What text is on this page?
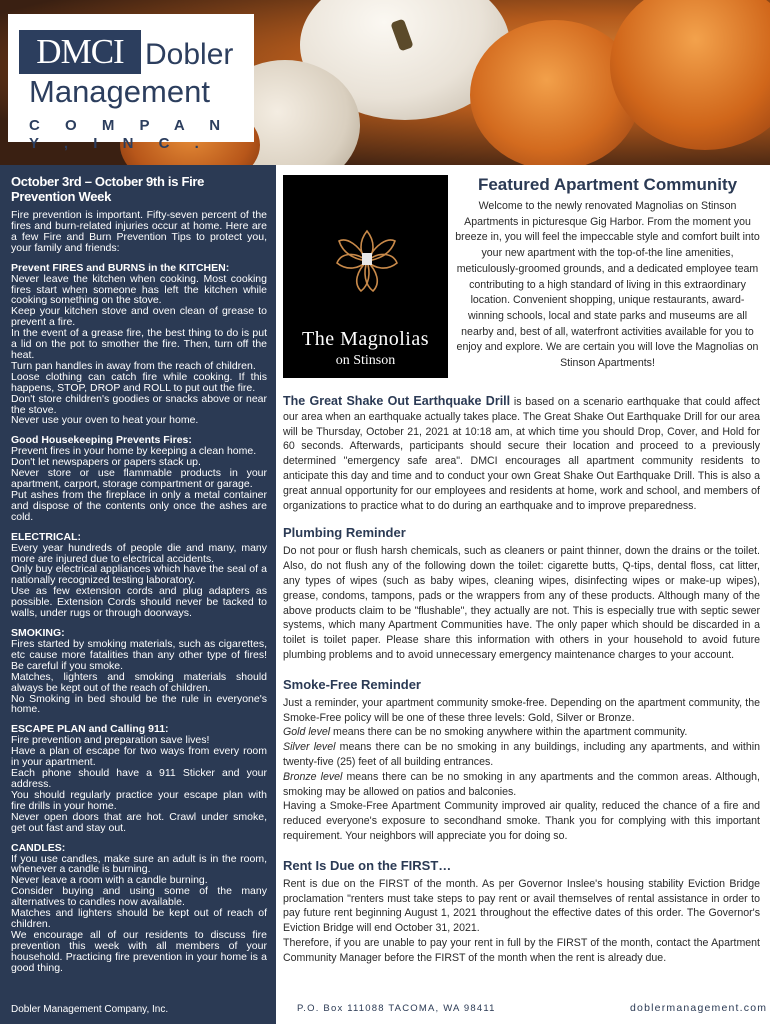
DMCI Dobler
Management
C O M P A N Y , I N C .
October 3rd – October 9th is Fire Prevention Week

Fire prevention is important. Fifty-seven percent of the fires and burn-related injuries occur at home. Here are a few Fire and Burn Prevention Tips to protect you, your family and friends:

Prevent FIRES and BURNS in the KITCHEN:

Never leave the kitchen when cooking. Most cooking fires start when someone has left the kitchen while cooking something on the stove.

Keep your kitchen stove and oven clean of grease to prevent a fire.

In the event of a grease fire, the best thing to do is put a lid on the pot to smother the fire. Then, turn off the heat.

Turn pan handles in away from the reach of children.

Loose clothing can catch fire while cooking. If this happens, STOP, DROP and ROLL to put out the fire.

Don't store children's goodies or snacks above or near the stove.

Never use your oven to heat your home.

Good Housekeeping Prevents Fires:

Prevent fires in your home by keeping a clean home.

Don't let newspapers or papers stack up.

Never store or use flammable products in your apartment, carport, storage compartment or garage.

Put ashes from the fireplace in only a metal container and dispose of the contents only once the ashes are cold.

ELECTRICAL:

Every year hundreds of people die and many, many more are injured due to electrical accidents.

Only buy electrical appliances which have the seal of a nationally recognized testing laboratory.

Use as few extension cords and plug adapters as possible. Extension Cords should never be tacked to walls, under rugs or through doorways.

SMOKING:

Fires started by smoking materials, such as cigarettes, etc cause more fatalities than any other type of fires! Be careful if you smoke.

Matches, lighters and smoking materials should always be kept out of the reach of children.

No Smoking in bed should be the rule in everyone's home.

ESCAPE PLAN and Calling 911:

Fire prevention and preparation save lives!

Have a plan of escape for two ways from every room in your apartment.

Each phone should have a 911 Sticker and your address.

You should regularly practice your escape plan with fire drills in your home.

Never open doors that are hot. Crawl under smoke, get out fast and stay out.

CANDLES:

If you use candles, make sure an adult is in the room, whenever a candle is burning.

Never leave a room with a candle burning.

Consider buying and using some of the many alternatives to candles now available.

Matches and lighters should be kept out of reach of children.

We encourage all of our residents to discuss fire prevention this week with all members of your household. Practicing fire prevention in your home is a good thing.

Dobler Management Company, Inc.
The Magnolias
on Stinson
Featured Apartment Community

Welcome to the newly renovated Magnolias on Stinson Apartments in picturesque Gig Harbor. From the moment you breeze in, you will feel the impeccable style and comfort built into your new apartment with the top-of-the line amenities, meticulously-groomed grounds, and a dedicated employee team contributing to a high standard of living in this extraordinary location. Convenient shopping, unique restaurants, award-winning schools, local and state parks and museums are all nearby and, best of all, waterfront activities available for you to enjoy and explore. We are certain you will love the Magnolias on Stinson Apartments!

The Great Shake Out Earthquake Drill is based on a scenario earthquake that could affect our area when an earthquake actually takes place. The Great Shake Out Earthquake Drill for our area will be Thursday, October 21, 2021 at 10:18 am, at which time you should Drop, Cover, and Hold for 60 seconds. Afterwards, participants should secure their location and proceed to a previously determined "emergency safe area". DMCI encourages all apartment community residents to anticipate this day and time and to conduct your own Great Shake Out Earthquake Drill. This is also a great annual opportunity for our employees and residents at home, work and school, and members of organizations to practice what to do during an earthquake and to improve preparedness.
Plumbing Reminder
Do not pour or flush harsh chemicals, such as cleaners or paint thinner, down the drains or the toilet. Also, do not flush any of the following down the toilet: cigarette butts, Q-tips, dental floss, cat litter, any types of wipes (such as baby wipes, cleaning wipes, disinfecting wipes or make-up wipes), grease, condoms, tampons, pads or the wrappers from any of these products. Although many of the above products claim to be "flushable", they actually are not. This is especially true with septic sewer systems, which many Apartment Communities have. The only paper which should be discarded in a toilet is toilet paper. Please share this information with others in your household to avoid future plumbing problems and to avoid unnecessary emergency maintenance charges to your account.
Smoke-Free Reminder
Just a reminder, your apartment community smoke-free. Depending on the apartment community, the Smoke-Free policy will be one of these three levels: Gold, Silver or Bronze.
Gold level means there can be no smoking anywhere within the apartment community.
Silver level means there can be no smoking in any buildings, including any apartments, and within twenty-five (25) feet of all building entrances.
Bronze level means there can be no smoking in any apartments and the common areas. Although, smoking may be allowed on patios and balconies.
Having a Smoke-Free Apartment Community improved air quality, reduced the chance of a fire and reduced everyone's exposure to secondhand smoke. Thank you for complying with this important requirement. Your neighbors will appreciate you for doing so.
Rent Is Due on the FIRST…
Rent is due on the FIRST of the month. As per Governor Inslee's housing stability Eviction Bridge proclamation "renters must take steps to pay rent or avail themselves of rental assistance in order to pay future rent beginning August 1, 2021 throughout the effective dates of this order. The Governor's Eviction Bridge will end October 31, 2021.
Therefore, if you are unable to pay your rent in full by the FIRST of the month, contact the Apartment Community Manager before the FIRST of the month when the rent is already due.
P.O. Box 111088 TACOMA, WA 98411	doblermanagement.com
